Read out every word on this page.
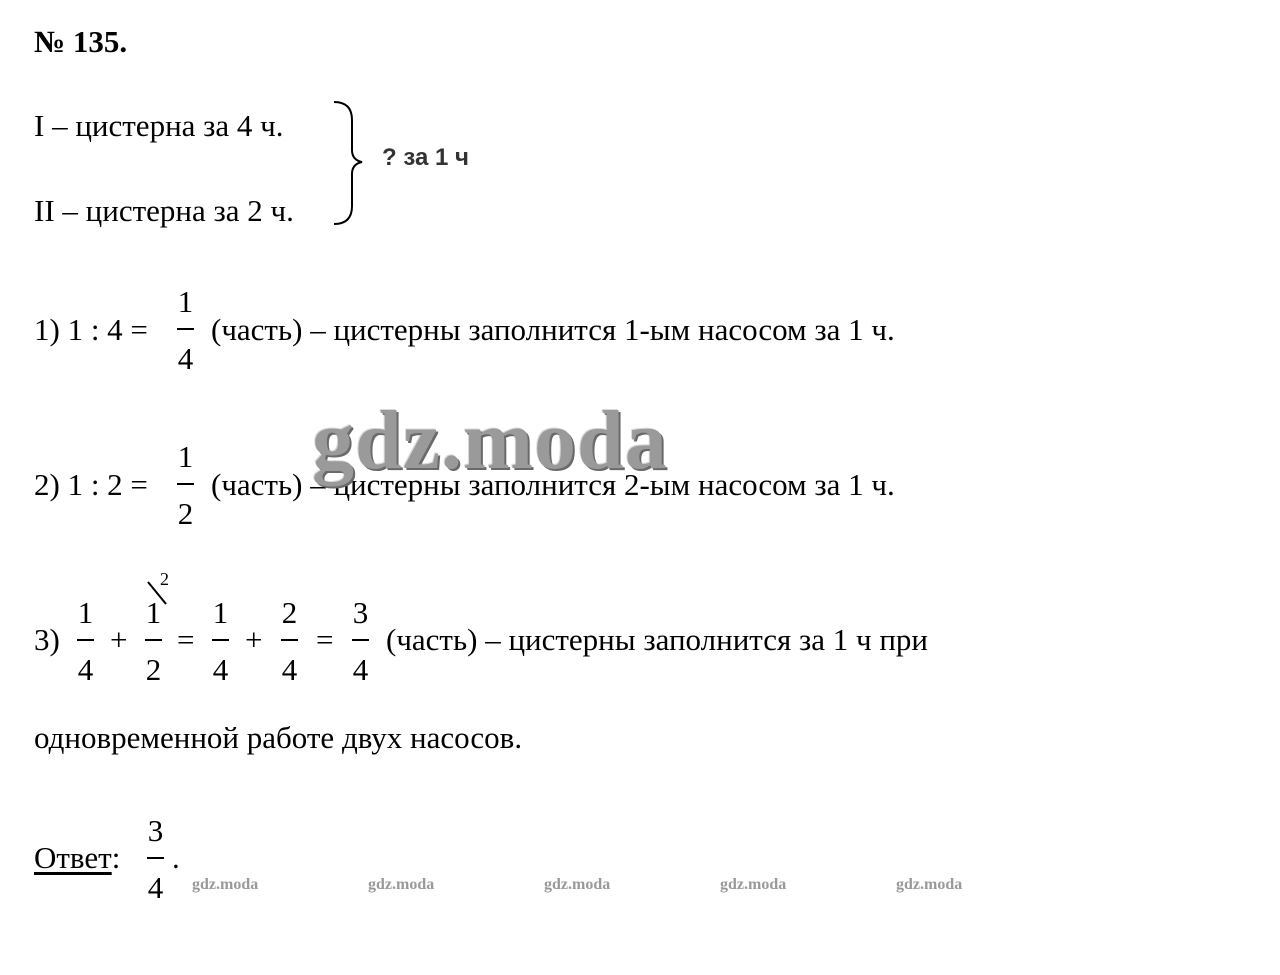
№ 135.
I – цистерна за 4 ч.
II – цистерна за 2 ч.
? за 1 ч
1) 1 : 4 =
1
4
(часть) – цистерны заполнится 1-ым насосом за 1 ч.
2) 1 : 2 =
1
2
(часть) – цистерны заполнится 2-ым насосом за 1 ч.
3)
1
4
+
1
2
2
=
1
4
+
2
4
=
3
4
(часть) – цистерны заполнится за 1 ч при
одновременной работе двух насосов.
Ответ:
3
4
.
gdz.moda
gdz.moda	gdz.moda	gdz.moda	gdz.moda	gdz.moda
